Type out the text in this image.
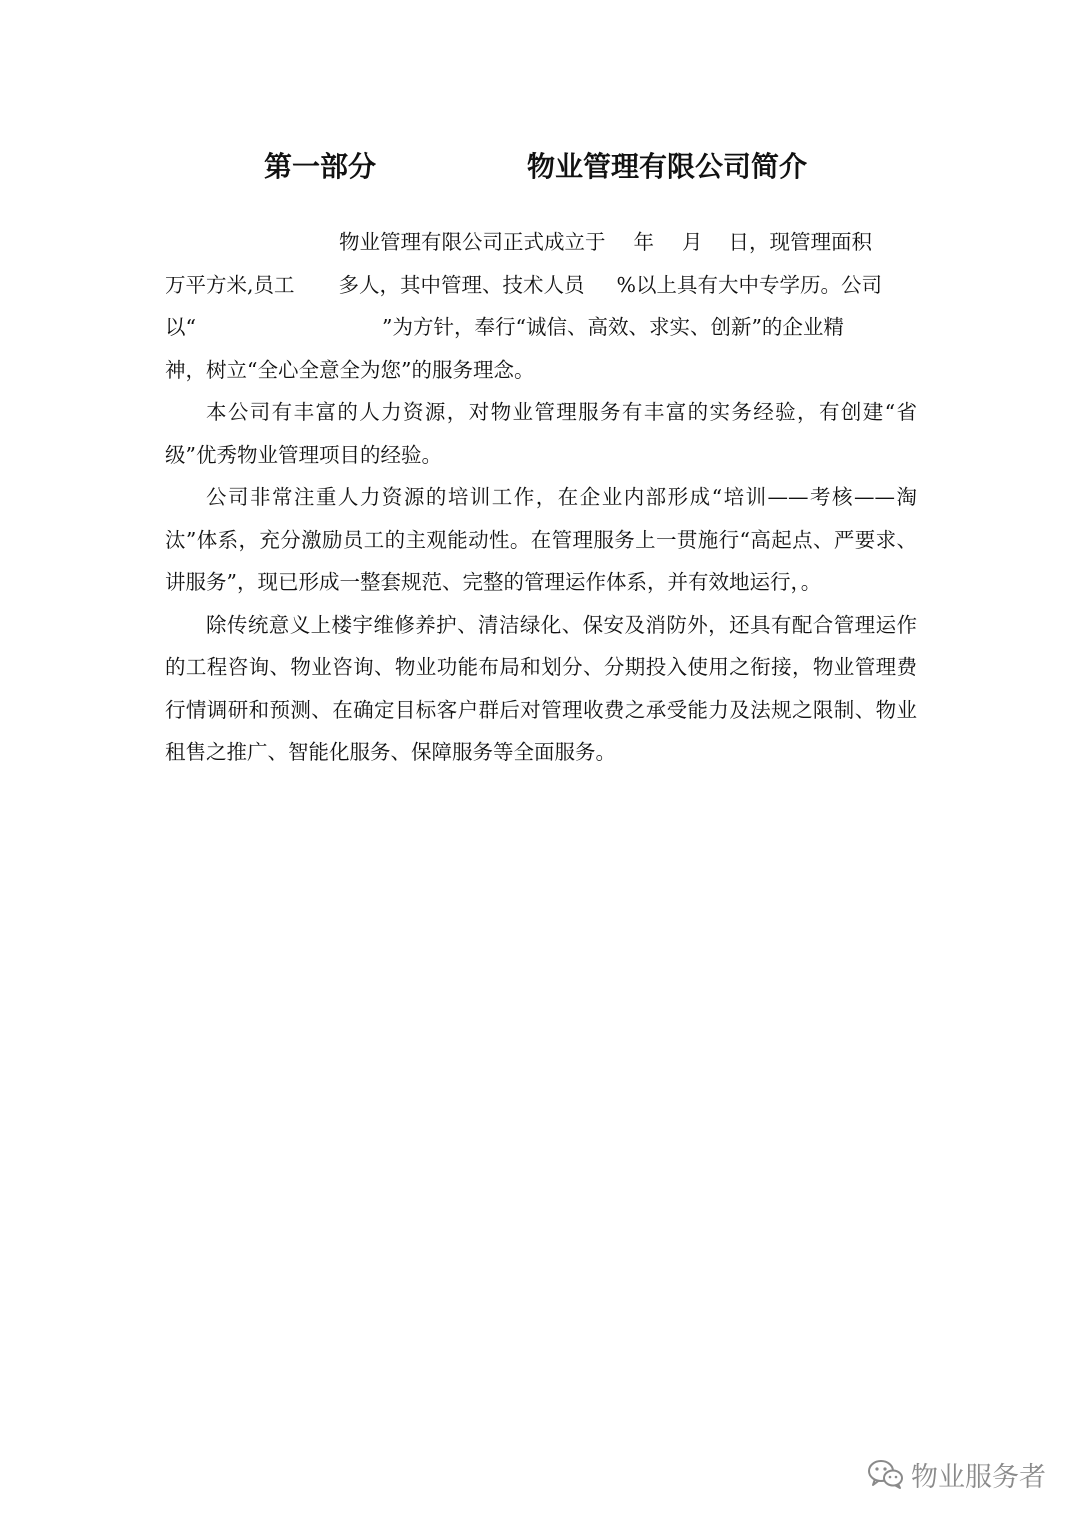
第一部分	物业管理有限公司简介

物业管理有限公司正式成立于 年 月 日，现管理面积
万平方米,员工 多人，其中管理、技术人员 %以上具有大中专学历。公司
以“	”为方针，奉行“诚信、高效、求实、创新”的企业精
神，树立“全心全意全为您”的服务理念。

本公司有丰富的人力资源，对物业管理服务有丰富的实务经验，有创建“省级”优秀物业管理项目的经验。

公司非常注重人力资源的培训工作，在企业内部形成“培训——考核——淘汰”体系，充分激励员工的主观能动性。在管理服务上一贯施行“高起点、严要求、讲服务”，现已形成一整套规范、完整的管理运作体系，并有效地运行，。

除传统意义上楼宇维修养护、清洁绿化、保安及消防外，还具有配合管理运作的工程咨询、物业咨询、物业功能布局和划分、分期投入使用之衔接，物业管理费行情调研和预测、在确定目标客户群后对管理收费之承受能力及法规之限制、物业租售之推广、智能化服务、保障服务等全面服务。

物业服务者
